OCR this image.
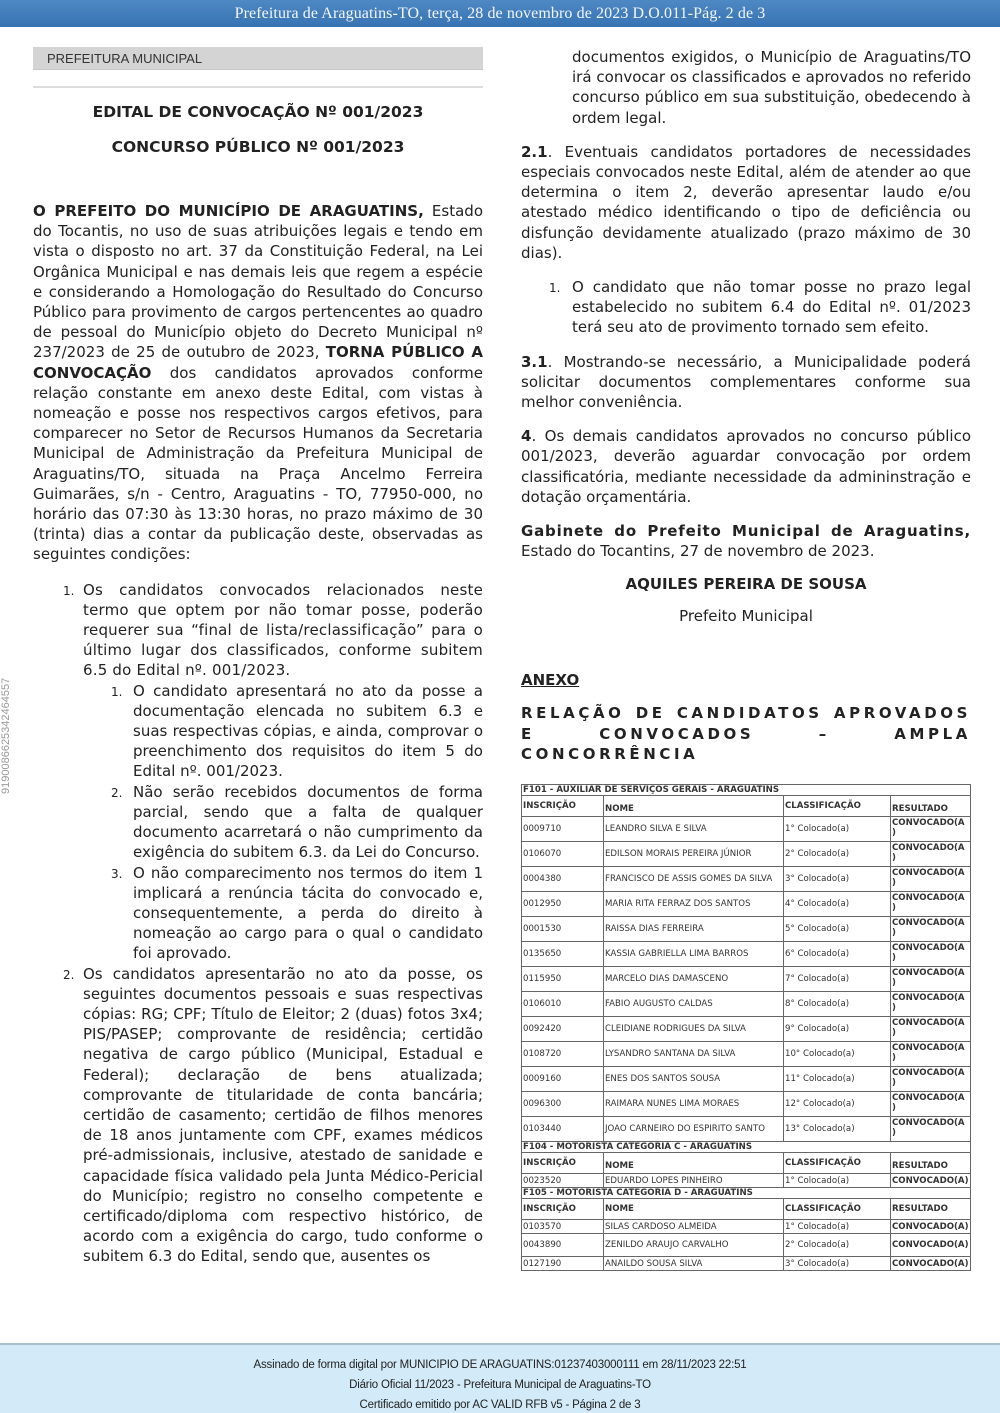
Prefeitura de Araguatins-TO, terça, 28 de novembro de 2023 D.O.011-Pág. 2 de 3
9190086625342464557
PREFEITURA MUNICIPAL
EDITAL DE CONVOCAÇÃO Nº 001/2023
CONCURSO PÚBLICO Nº 001/2023

O PREFEITO DO MUNICÍPIO DE ARAGUATINS, Estado do Tocantis, no uso de suas atribuições legais e tendo em vista o disposto no art. 37 da Constituição Federal, na Lei Orgânica Municipal e nas demais leis que regem a espécie e considerando a Homologação do Resultado do Concurso Público para provimento de cargos pertencentes ao quadro de pessoal do Município objeto do Decreto Municipal nº 237/2023 de 25 de outubro de 2023, TORNA PÚBLICO A CONVOCAÇÃO dos candidatos aprovados conforme relação constante em anexo deste Edital, com vistas à nomeação e posse nos respectivos cargos efetivos, para comparecer no Setor de Recursos Humanos da Secretaria Municipal de Administração da Prefeitura Municipal de Araguatins/TO, situada na Praça Ancelmo Ferreira Guimarães, s/n - Centro, Araguatins - TO, 77950-000, no horário das 07:30 às 13:30 horas, no prazo máximo de 30 (trinta) dias a contar da publicação deste, observadas as seguintes condições:

1. Os candidatos convocados relacionados neste termo que optem por não tomar posse, poderão requerer sua “final de lista/reclassificação” para o último lugar dos classificados, conforme subitem 6.5 do Edital nº. 001/2023.
1. O candidato apresentará no ato da posse a documentação elencada no subitem 6.3 e suas respectivas cópias, e ainda, comprovar o preenchimento dos requisitos do item 5 do Edital nº. 001/2023.
2. Não serão recebidos documentos de forma parcial, sendo que a falta de qualquer documento acarretará o não cumprimento da exigência do subitem 6.3. da Lei do Concurso.
3. O não comparecimento nos termos do item 1 implicará a renúncia tácita do convocado e, consequentemente, a perda do direito à nomeação ao cargo para o qual o candidato foi aprovado.
2. Os candidatos apresentarão no ato da posse, os seguintes documentos pessoais e suas respectivas cópias: RG; CPF; Título de Eleitor; 2 (duas) fotos 3x4; PIS/PASEP; comprovante de residência; certidão negativa de cargo público (Municipal, Estadual e Federal); declaração de bens atualizada; comprovante de titularidade de conta bancária; certidão de casamento; certidão de filhos menores de 18 anos juntamente com CPF, exames médicos pré-admissionais, inclusive, atestado de sanidade e capacidade física validado pela Junta Médico-Pericial do Município; registro no conselho competente e certificado/diploma com respectivo histórico, de acordo com a exigência do cargo, tudo conforme o subitem 6.3 do Edital, sendo que, ausentes os

documentos exigidos, o Município de Araguatins/TO irá convocar os classificados e aprovados no referido concurso público em sua substituição, obedecendo à ordem legal.

2.1. Eventuais candidatos portadores de necessidades especiais convocados neste Edital, além de atender ao que determina o item 2, deverão apresentar laudo e/ou atestado médico identificando o tipo de deficiência ou disfunção devidamente atualizado (prazo máximo de 30 dias).

1. O candidato que não tomar posse no prazo legal estabelecido no subitem 6.4 do Edital nº. 01/2023 terá seu ato de provimento tornado sem efeito.

3.1. Mostrando-se necessário, a Municipalidade poderá solicitar documentos complementares conforme sua melhor conveniência.

4. Os demais candidatos aprovados no concurso público 001/2023, deverão aguardar convocação por ordem classificatória, mediante necessidade da admininstração e dotação orçamentária.

Gabinete do Prefeito Municipal de Araguatins, Estado do Tocantins, 27 de novembro de 2023.

AQUILES PEREIRA DE SOUSA
Prefeito Municipal
ANEXO
RELAÇÃO DE CANDIDATOS APROVADOS E CONVOCADOS – AMPLA CONCORRÊNCIA
F101 - AUXILIAR DE SERVIÇOS GERAIS - ARAGUATINS			
INSCRIÇÃO	NOME	CLASSIFICAÇÃO	RESULTADO
0009710	LEANDRO SILVA E SILVA	1° Colocado(a)	CONVOCADO(A )
0106070	EDILSON MORAIS PEREIRA JÚNIOR	2° Colocado(a)	CONVOCADO(A )
0004380	FRANCISCO DE ASSIS GOMES DA SILVA	3° Colocado(a)	CONVOCADO(A )
0012950	MARIA RITA FERRAZ DOS SANTOS	4° Colocado(a)	CONVOCADO(A )
0001530	RAISSA DIAS FERREIRA	5° Colocado(a)	CONVOCADO(A )
0135650	KASSIA GABRIELLA LIMA BARROS	6° Colocado(a)	CONVOCADO(A )
0115950	MARCELO DIAS DAMASCENO	7° Colocado(a)	CONVOCADO(A )
0106010	FABIO AUGUSTO CALDAS	8° Colocado(a)	CONVOCADO(A )
0092420	CLEIDIANE RODRIGUES DA SILVA	9° Colocado(a)	CONVOCADO(A )
0108720	LYSANDRO SANTANA DA SILVA	10° Colocado(a)	CONVOCADO(A )
0009160	ENES DOS SANTOS SOUSA	11° Colocado(a)	CONVOCADO(A )
0096300	RAIMARA NUNES LIMA MORAES	12° Colocado(a)	CONVOCADO(A )
0103440	JOAO CARNEIRO DO ESPIRITO SANTO	13° Colocado(a)	CONVOCADO(A )
F104 - MOTORISTA CATEGORIA C - ARAGUATINS			
INSCRIÇÃO	NOME	CLASSIFICAÇÃO	RESULTADO
0023520	EDUARDO LOPES PINHEIRO	1° Colocado(a)	CONVOCADO(A)
F105 - MOTORISTA CATEGORIA D - ARAGUATINS			
INSCRIÇÃO	NOME	CLASSIFICAÇÃO	RESULTADO
0103570	SILAS CARDOSO ALMEIDA	1° Colocado(a)	CONVOCADO(A)
0043890	ZENILDO ARAUJO CARVALHO	2° Colocado(a)	CONVOCADO(A)
0127190	ANAILDO SOUSA SILVA	3° Colocado(a)	CONVOCADO(A)
Assinado de forma digital por MUNICIPIO DE ARAGUATINS:01237403000111 em 28/11/2023 22:51
Diário Oficial 11/2023 - Prefeitura Municipal de Araguatins-TO
Certificado emitido por AC VALID RFB v5 - Página 2 de 3
